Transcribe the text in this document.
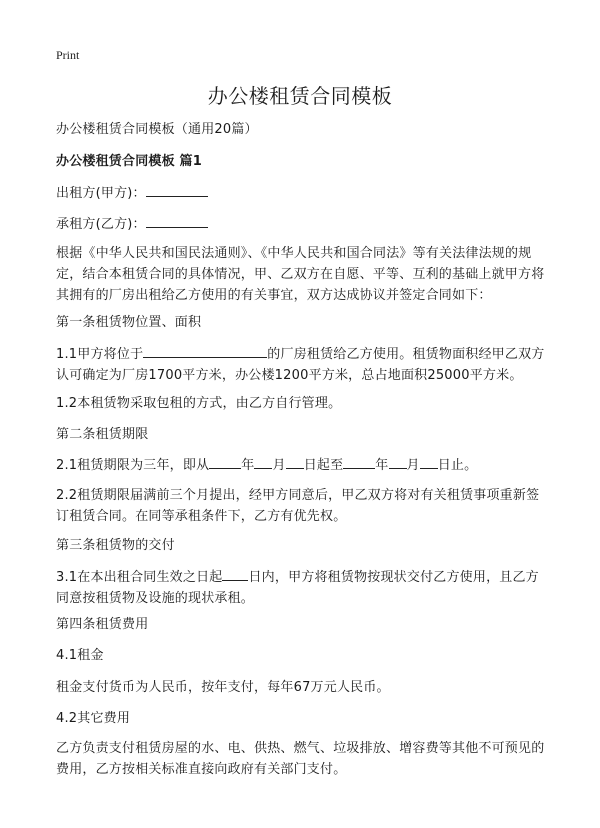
Print
办公楼租赁合同模板

办公楼租赁合同模板（通用20篇）

办公楼租赁合同模板 篇1

出租方(甲方)：

承租方(乙方)：

根据《中华人民共和国民法通则》、《中华人民共和国合同法》等有关法律法规的规定，结合本租赁合同的具体情况，甲、乙双方在自愿、平等、互利的基础上就甲方将其拥有的厂房出租给乙方使用的有关事宜，双方达成协议并签定合同如下：

第一条租赁物位置、面积

1.1甲方将位于	的厂房租赁给乙方使用。租赁物面积经甲乙双方认可确定为厂房1700平方米，办公楼1200平方米，总占地面积25000平方米。

1.2本租赁物采取包租的方式，由乙方自行管理。

第二条租赁期限

2.1租赁期限为三年，即从 年 月 日起至 年 月 日止。

2.2租赁期限届满前三个月提出，经甲方同意后，甲乙双方将对有关租赁事项重新签订租赁合同。在同等承租条件下，乙方有优先权。

第三条租赁物的交付

3.1在本出租合同生效之日起 日内，甲方将租赁物按现状交付乙方使用，且乙方同意按租赁物及设施的现状承租。

第四条租赁费用

4.1租金

租金支付货币为人民币，按年支付，每年67万元人民币。

4.2其它费用

乙方负责支付租赁房屋的水、电、供热、燃气、垃圾排放、增容费等其他不可预见的费用，乙方按相关标准直接向政府有关部门支付。
